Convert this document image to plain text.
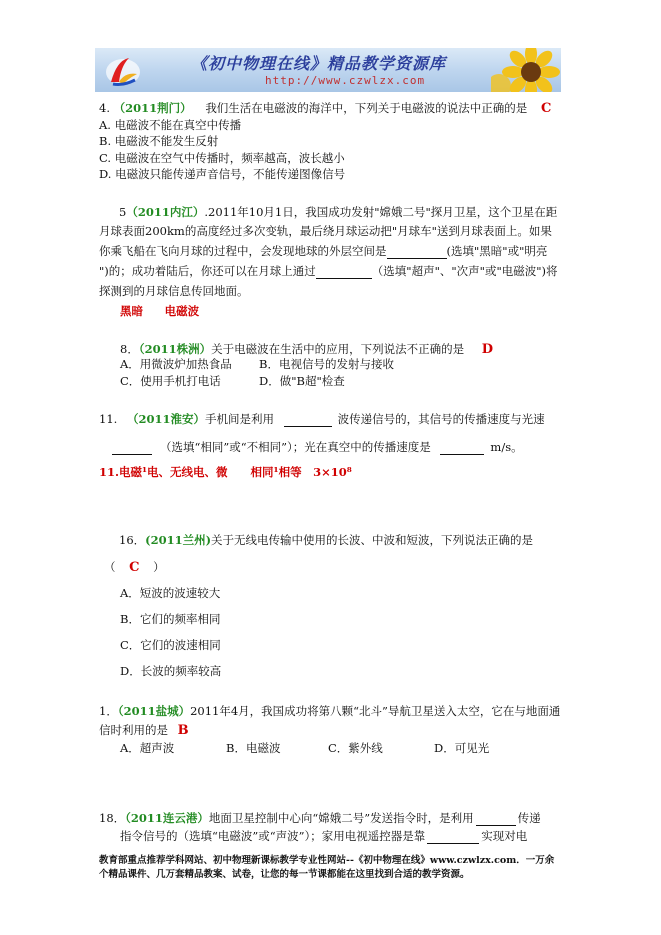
《初中物理在线》精品教学资源库
http://www.czwlzx.com
4. （2011荆门） 我们生活在电磁波的海洋中，下列关于电磁波的说法中正确的是 C
A. 电磁波不能在真空中传播
B. 电磁波不能发生反射
C. 电磁波在空气中传播时，频率越高，波长越小
D. 电磁波只能传递声音信号，不能传递图像信号
5（2011内江）.2011年10月1日，我国成功发射"嫦娥二号"探月卫星，这个卫星在距
月球表面200km的高度经过多次变轨，最后绕月球运动把"月球车"送到月球表面上。如果
你乘飞船在飞向月球的过程中，会发现地球的外层空间是	(选填"黑暗"或"明亮
")的；成功着陆后，你还可以在月球上通过	（选填"超声"、"次声"或"电磁波")将
探测到的月球信息传回地面。
黑暗 电磁波
8．（2011株洲）关于电磁波在生活中的应用，下列说法不正确的是 D
A．用微波炉加热食品 B．电视信号的发射与接收
C．使用手机打电话	D．做"B超"检查
11. （2011淮安）手机间是利用	波传递信号的，其信号的传播速度与光速
（选填“相同”或“不相同”）；光在真空中的传播速度是	m/s。
11.电磁¹电、无线电、微　　相同¹相等　3×10⁸
16．(2011兰州)关于无线电传输中使用的长波、中波和短波，下列说法正确的是
（ C ）
A．短波的波速较大
B．它们的频率相同
C．它们的波速相同
D．长波的频率较高
1．（2011盐城）2011年4月，我国成功将第八颗“北斗”导航卫星送入太空，它在与地面通
信时利用的是 B
A．超声波	B．电磁波	C．紫外线	D．可见光
18．（2011连云港）地面卫星控制中心向“嫦娥二号”发送指令时，是利用	传递
指令信号的（选填“电磁波”或“声波”）；家用电视遥控器是靠	实现对电
教育部重点推荐学科网站、初中物理新课标教学专业性网站--《初中物理在线》www.czwlzx.com．一万余
个精品课件、几万套精品教案、试卷，让您的每一节课都能在这里找到合适的教学资源。
